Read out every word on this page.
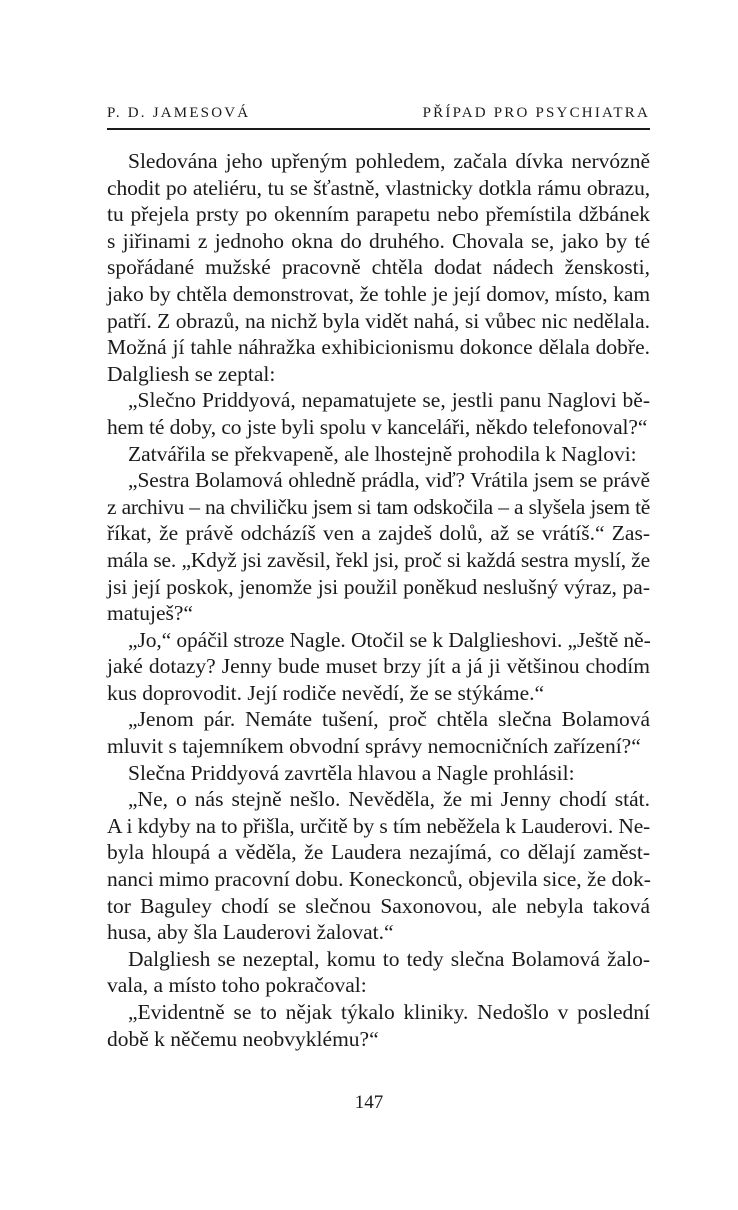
P. D. JAMESOVÁ	PŘÍPAD PRO PSYCHIATRA
Sledována jeho upřeným pohledem, začala dívka nervózně
chodit po ateliéru, tu se šťastně, vlastnicky dotkla rámu obrazu,
tu přejela prsty po okenním parapetu nebo přemístila džbánek
s jiřinami z jednoho okna do druhého. Chovala se, jako by té
spořádané mužské pracovně chtěla dodat nádech ženskosti,
jako by chtěla demonstrovat, že tohle je její domov, místo, kam
patří. Z obrazů, na nichž byla vidět nahá, si vůbec nic nedělala.
Možná jí tahle náhražka exhibicionismu dokonce dělala dobře.
Dalgliesh se zeptal:
„Slečno Priddyová, nepamatujete se, jestli panu Naglovi bě-
hem té doby, co jste byli spolu v kanceláři, někdo telefonoval?“
Zatvářila se překvapeně, ale lhostejně prohodila k Naglovi:
„Sestra Bolamová ohledně prádla, viď? Vrátila jsem se právě
z archivu – na chviličku jsem si tam odskočila – a slyšela jsem tě
říkat, že právě odcházíš ven a zajdeš dolů, až se vrátíš.“ Zas-
mála se. „Když jsi zavěsil, řekl jsi, proč si každá sestra myslí, že
jsi její poskok, jenomže jsi použil poněkud neslušný výraz, pa-
matuješ?“
„Jo,“ opáčil stroze Nagle. Otočil se k Dalglieshovi. „Ještě ně-
jaké dotazy? Jenny bude muset brzy jít a já ji většinou chodím
kus doprovodit. Její rodiče nevědí, že se stýkáme.“
„Jenom pár. Nemáte tušení, proč chtěla slečna Bolamová
mluvit s tajemníkem obvodní správy nemocničních zařízení?“
Slečna Priddyová zavrtěla hlavou a Nagle prohlásil:
„Ne, o nás stejně nešlo. Nevěděla, že mi Jenny chodí stát.
A i kdyby na to přišla, určitě by s tím neběžela k Lauderovi. Ne-
byla hloupá a věděla, že Laudera nezajímá, co dělají zaměst-
nanci mimo pracovní dobu. Koneckonců, objevila sice, že dok-
tor Baguley chodí se slečnou Saxonovou, ale nebyla taková
husa, aby šla Lauderovi žalovat.“
Dalgliesh se nezeptal, komu to tedy slečna Bolamová žalo-
vala, a místo toho pokračoval:
„Evidentně se to nějak týkalo kliniky. Nedošlo v poslední
době k něčemu neobvyklému?“
147
